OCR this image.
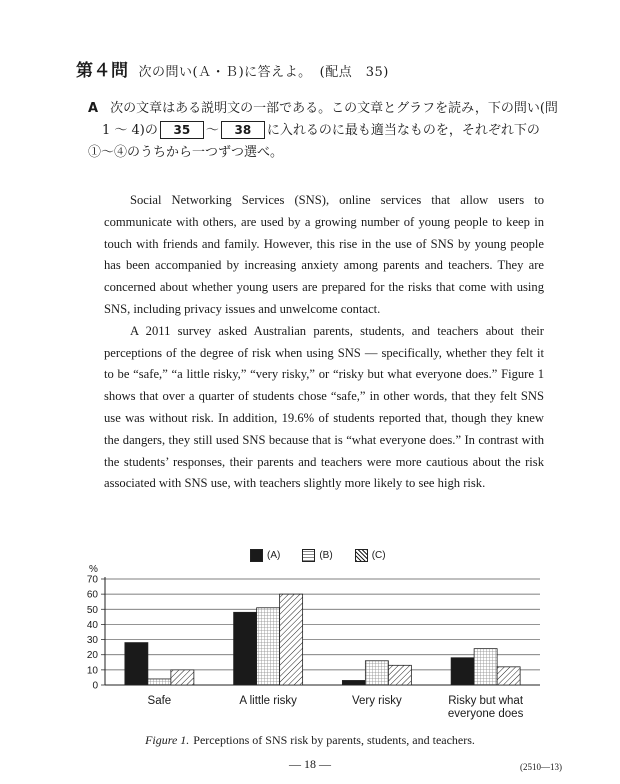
第４問 次の問い(Ａ・Ｂ)に答えよ。 (配点　35)
A 次の文章はある説明文の一部である。この文章とグラフを読み，下の問い(問
1 ～ 4)の 35 ～ 38 に入れるのに最も適当なものを，それぞれ下の
①～④のうちから一つずつ選べ。

Social Networking Services (SNS), online services that allow users to communicate with others, are used by a growing number of young people to keep in touch with friends and family. However, this rise in the use of SNS by young people has been accompanied by increasing anxiety among parents and teachers. They are concerned about whether young users are prepared for the risks that come with using SNS, including privacy issues and unwelcome contact.

A 2011 survey asked Australian parents, students, and teachers about their perceptions of the degree of risk when using SNS — specifically, whether they felt it to be “safe,” “a little risky,” “very risky,” or “risky but what everyone does.” Figure 1 shows that over a quarter of students chose “safe,” in other words, that they felt SNS use was without risk. In addition, 19.6% of students reported that, though they knew the dangers, they still used SNS because that is “what everyone does.” In contrast with the students’ responses, their parents and teachers were more cautious about the risk associated with SNS use, with teachers slightly more likely to see high risk.

(A)	(B)	(C)
%
0
10
20
30
40
50
60
70
Safe	A little risky	Very risky	Risky but what
everyone does
Figure 1. Perceptions of SNS risk by parents, students, and teachers.
— 18 —	(2510—13)
